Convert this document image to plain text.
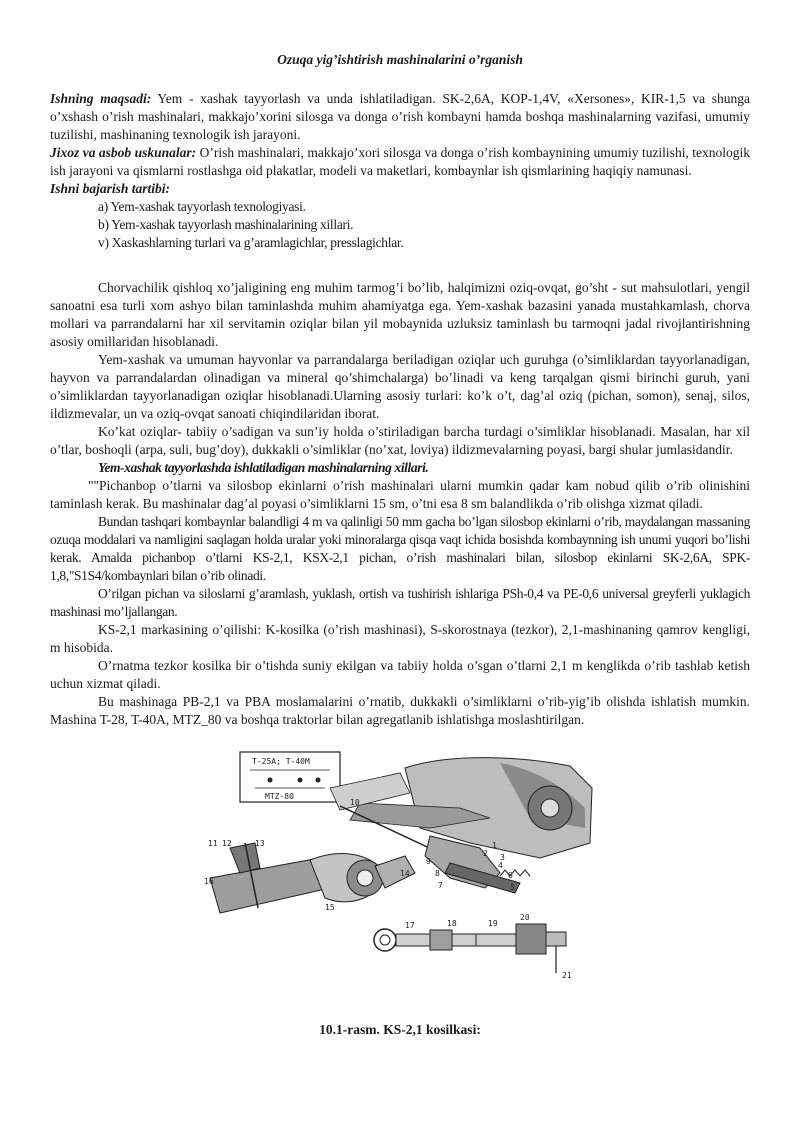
Ozuqa yig’ishtirish mashinalarini o’rganish

Ishning maqsadi: Yem - xashak tayyorlash va unda ishlatiladigan. SK-2,6A, KOP-1,4V, «Xersones», KIR-1,5 va shunga o’xshash o’rish mashinalari, makkajo’xorini silosga va donga o’rish kombayni hamda boshqa mashinalarning vazifasi, umumiy tuzilishi, mashinaning texnologik ish jarayoni.

Jixoz va asbob uskunalar: O’rish mashinalari, makkajo’xori silosga va donga o’rish kombaynining umumiy tuzilishi, texnologik ish jarayoni va qismlarni rostlashga oid plakatlar, modeli va maketlari, kombaynlar ish qismlarining haqiqiy namunasi.

Ishni bajarish tartibi:

a) Yem-xashak tayyorlash texnologiyasi.
b) Yem-xashak tayyorlash mashinalarining xillari.
v) Xaskashlarning turlari va g’aramlagichlar, presslagichlar.

Chorvachilik qishloq xo’jaligining eng muhim tarmog’i bo’lib, halqimizni oziq-ovqat, go’sht - sut mahsulotlari, yengil sanoatni esa turli xom ashyo bilan taminlashda muhim ahamiyatga ega. Yem-xashak bazasini yanada mustahkamlash, chorva mollari va parrandalarni har xil servitamin oziqlar bilan yil mobaynida uzluksiz taminlash bu tarmoqni jadal rivojlantirishning asosiy omillaridan hisoblanadi.

Yem-xashak va umuman hayvonlar va parrandalarga beriladigan oziqlar uch guruhga (o’simliklardan tayyorlanadigan, hayvon va parrandalardan olinadigan va mineral qo’shimchalarga) bo’linadi va keng tarqalgan qismi birinchi guruh, yani o’simliklardan tayyorlanadigan oziqlar hisoblanadi.Ularning asosiy turlari: ko’k o’t, dag’al oziq (pichan, somon), senaj, silos, ildizmevalar, un va oziq-ovqat sanoati chiqindilaridan iborat.

Ko’kat oziqlar- tabiiy o’sadigan va sun’iy holda o’stiriladigan barcha turdagi o’simliklar hisoblanadi. Masalan, har xil o’tlar, boshoqli (arpa, suli, bug’doy), dukkakli o’simliklar (no’xat, loviya) ildizmevalarning poyasi, bargi shular jumlasidandir.

Yem-xashak tayyorlashda ishlatiladigan mashinalarning xillari.

""Pichanbop o’tlarni va silosbop ekinlarni o’rish mashinalari ularni mumkin qadar kam nobud qilib o’rib olinishini taminlash kerak. Bu mashinalar dag’al poyasi o’simliklarni 15 sm, o’tni esa 8 sm balandlikda o’rib olishga xizmat qiladi.

Bundan tashqari kombaynlar balandligi 4 m va qalinligi 50 mm gacha bo’lgan silosbop ekinlarni o’rib, maydalangan massaning ozuqa moddalari va namligini saqlagan holda uralar yoki minoralarga qisqa vaqt ichida bosishda kombaynning ish unumi yuqori bo’lishi kerak. Amalda pichanbop o’tlarni KS-2,1, KSX-2,1 pichan, o’rish mashinalari bilan, silosbop ekinlarni SK-2,6A, SPK-1,8,"S1S4/kombaynlari bilan o’rib olinadi.

O’rilgan pichan va siloslarni g’aramlash, yuklash, ortish va tushirish ishlariga PSh-0,4 va PE-0,6 universal greyferli yuklagich mashinasi mo’ljallangan.

KS-2,1 markasining o’qilishi: K-kosilka (o’rish mashinasi), S-skorostnaya (tezkor), 2,1-mashinaning qamrov kengligi, m hisobida.

O’rnatma tezkor kosilka bir o’tishda suniy ekilgan va tabiiy holda o’sgan o’tlarni 2,1 m kenglikda o’rib tashlab ketish uchun xizmat qiladi.

Bu mashinaga PB-2,1 va PBA moslamalarini o’rnatib, dukkakli o’simliklarni o’rib-yig’ib olishda ishlatish mumkin. Mashina T-28, T-40A, MTZ_80 va boshqa traktorlar bilan agregatlanib ishlatishga moslashtirilgan.

T-25A; T-40M
MTZ-80
1
2 3
4
5
6
7
8
9
10
11 12	13
14
15
16
17	18	19
20
21
10.1-rasm. KS-2,1 kosilkasi:
